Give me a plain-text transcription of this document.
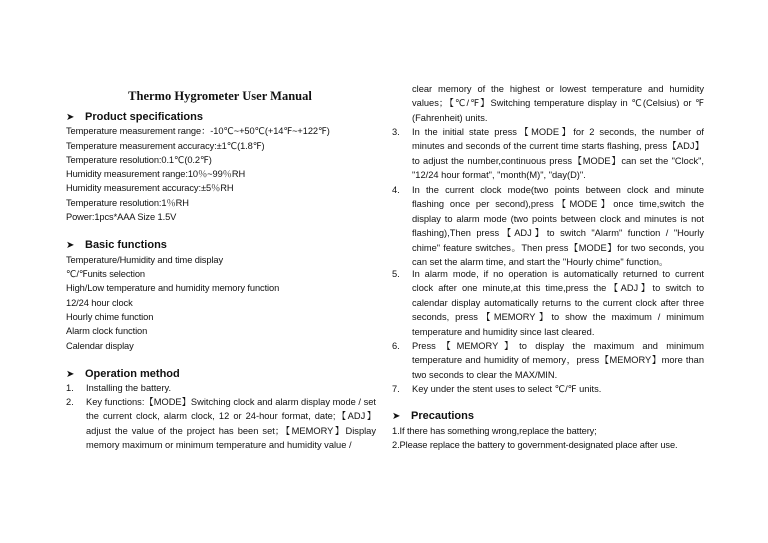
Thermo Hygrometer User Manual
➤ Product specifications
Temperature measurement range：-10℃~+50℃(+14℉~+122℉)
Temperature measurement accuracy:±1℃(1.8℉)
Temperature resolution:0.1℃(0.2℉)
Humidity measurement range:10％~99％RH
Humidity measurement accuracy:±5％RH
Temperature resolution:1％RH
Power:1pcs*AAA Size 1.5V
➤ Basic functions
Temperature/Humidity and time display
℃/℉units selection
High/Low temperature and humidity memory function
12/24 hour clock
Hourly chime function
Alarm clock function
Calendar display
➤ Operation method
1.	Installing the battery.
2.	Key functions:【MODE】Switching clock and alarm display mode / set the current clock, alarm clock, 12 or 24-hour format, date;【ADJ】adjust the value of the project has been set；【MEMORY】Display memory maximum or minimum temperature and humidity value /
clear memory of the highest or lowest temperature and humidity values；【℃/℉】Switching temperature display in ℃(Celsius) or ℉ (Fahrenheit) units.
3.	In the initial state press【MODE】for 2 seconds, the number of minutes and seconds of the current time starts flashing, press【ADJ】to adjust the number,continuous press【MODE】can set the "Clock", "12/24 hour format", "month(M)", "day(D)".
4.	In the current clock mode(two points between clock and minute flashing once per second),press【MODE】once time,switch the display to alarm mode (two points between clock and minutes is not flashing),Then press【ADJ】to switch "Alarm" function / "Hourly chime" feature switches。Then press【MODE】for two seconds, you can set the alarm time, and start the "Hourly chime" function。
5.	In alarm mode, if no operation is automatically returned to current clock after one minute,at this time,press the【ADJ】to switch to calendar display automatically returns to the current clock after three seconds, press【MEMORY】to show the maximum / minimum temperature and humidity since last cleared.
6.	Press【MEMORY】to display the maximum and minimum temperature and humidity of memory，press【MEMORY】more than two seconds to clear the MAX/MIN.
7.	Key under the stent uses to select ℃/℉ units.
➤ Precautions
1.If there has something wrong,replace the battery;
2.Please replace the battery to government-designated place after use.
